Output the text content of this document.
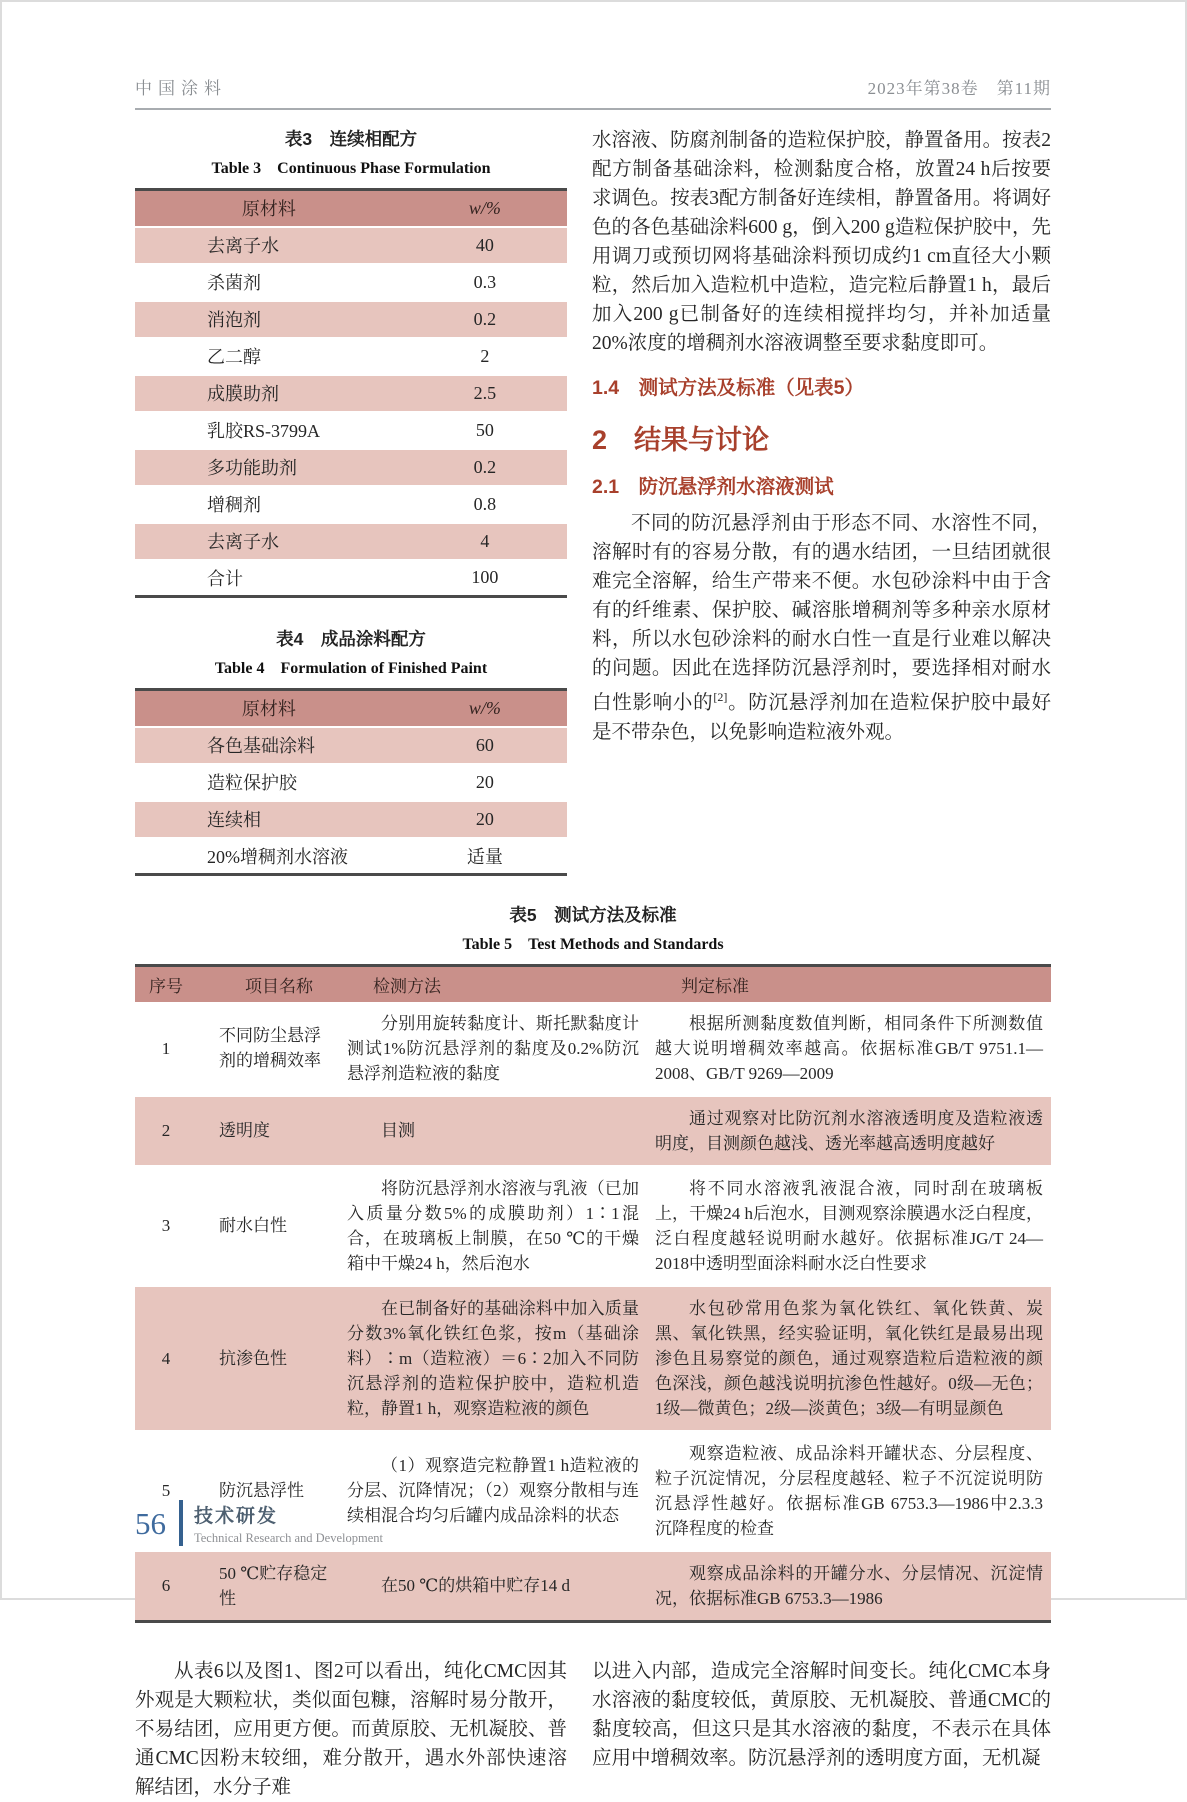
中国涂料	2023年第38卷　第11期
表3　连续相配方
Table 3　Continuous Phase Formulation
原材料	w/%
去离子水	40
杀菌剂	0.3
消泡剂	0.2
乙二醇	2
成膜助剂	2.5
乳胶RS-3799A	50
多功能助剂	0.2
增稠剂	0.8
去离子水	4
合计	100
表4　成品涂料配方
Table 4　Formulation of Finished Paint
原材料	w/%
各色基础涂料	60
造粒保护胶	20
连续相	20
20%增稠剂水溶液	适量

水溶液、防腐剂制备的造粒保护胶，静置备用。按表2配方制备基础涂料，检测黏度合格，放置24 h后按要求调色。按表3配方制备好连续相，静置备用。将调好色的各色基础涂料600 g，倒入200 g造粒保护胶中，先用调刀或预切网将基础涂料预切成约1 cm直径大小颗粒，然后加入造粒机中造粒，造完粒后静置1 h，最后加入200 g已制备好的连续相搅拌均匀，并补加适量20%浓度的增稠剂水溶液调整至要求黏度即可。

1.4　测试方法及标准（见表5）
2　结果与讨论
2.1　防沉悬浮剂水溶液测试

不同的防沉悬浮剂由于形态不同、水溶性不同，溶解时有的容易分散，有的遇水结团，一旦结团就很难完全溶解，给生产带来不便。水包砂涂料中由于含有的纤维素、保护胶、碱溶胀增稠剂等多种亲水原材料，所以水包砂涂料的耐水白性一直是行业难以解决的问题。因此在选择防沉悬浮剂时，要选择相对耐水白性影响小的[2]。防沉悬浮剂加在造粒保护胶中最好是不带杂色，以免影响造粒液外观。

表5　测试方法及标准
Table 5　Test Methods and Standards
序号	项目名称	检测方法	判定标准
1	不同防尘悬浮剂的增稠效率	分别用旋转黏度计、斯托默黏度计测试1%防沉悬浮剂的黏度及0.2%防沉悬浮剂造粒液的黏度	根据所测黏度数值判断，相同条件下所测数值越大说明增稠效率越高。依据标准GB/T 9751.1—2008、GB/T 9269—2009
2	透明度	目测	通过观察对比防沉剂水溶液透明度及造粒液透明度，目测颜色越浅、透光率越高透明度越好
3	耐水白性	将防沉悬浮剂水溶液与乳液（已加入质量分数5%的成膜助剂）1∶1混合，在玻璃板上制膜，在50 ℃的干燥箱中干燥24 h，然后泡水	将不同水溶液乳液混合液，同时刮在玻璃板上，干燥24 h后泡水，目测观察涂膜遇水泛白程度，泛白程度越轻说明耐水越好。依据标准JG/T 24—2018中透明型面涂料耐水泛白性要求
4	抗渗色性	在已制备好的基础涂料中加入质量分数3%氧化铁红色浆，按m（基础涂料）∶m（造粒液）＝6∶2加入不同防沉悬浮剂的造粒保护胶中，造粒机造粒，静置1 h，观察造粒液的颜色	水包砂常用色浆为氧化铁红、氧化铁黄、炭黑、氧化铁黑，经实验证明，氧化铁红是最易出现渗色且易察觉的颜色，通过观察造粒后造粒液的颜色深浅，颜色越浅说明抗渗色性越好。0级—无色；1级—微黄色；2级—淡黄色；3级—有明显颜色
5	防沉悬浮性	（1）观察造完粒静置1 h造粒液的分层、沉降情况；（2）观察分散相与连续相混合均匀后罐内成品涂料的状态	观察造粒液、成品涂料开罐状态、分层程度、粒子沉淀情况，分层程度越轻、粒子不沉淀说明防沉悬浮性越好。依据标准GB 6753.3—1986中2.3.3　沉降程度的检查
6	50 ℃贮存稳定性	在50 ℃的烘箱中贮存14 d	观察成品涂料的开罐分水、分层情况、沉淀情况，依据标准GB 6753.3—1986

从表6以及图1、图2可以看出，纯化CMC因其外观是大颗粒状，类似面包糠，溶解时易分散开，不易结团，应用更方便。而黄原胶、无机凝胶、普通CMC因粉末较细，难分散开，遇水外部快速溶解结团，水分子难

以进入内部，造成完全溶解时间变长。纯化CMC本身水溶液的黏度较低，黄原胶、无机凝胶、普通CMC的黏度较高，但这只是其水溶液的黏度，不表示在具体应用中增稠效率。防沉悬浮剂的透明度方面，无机凝

56 技术研发
Technical Research and Development
